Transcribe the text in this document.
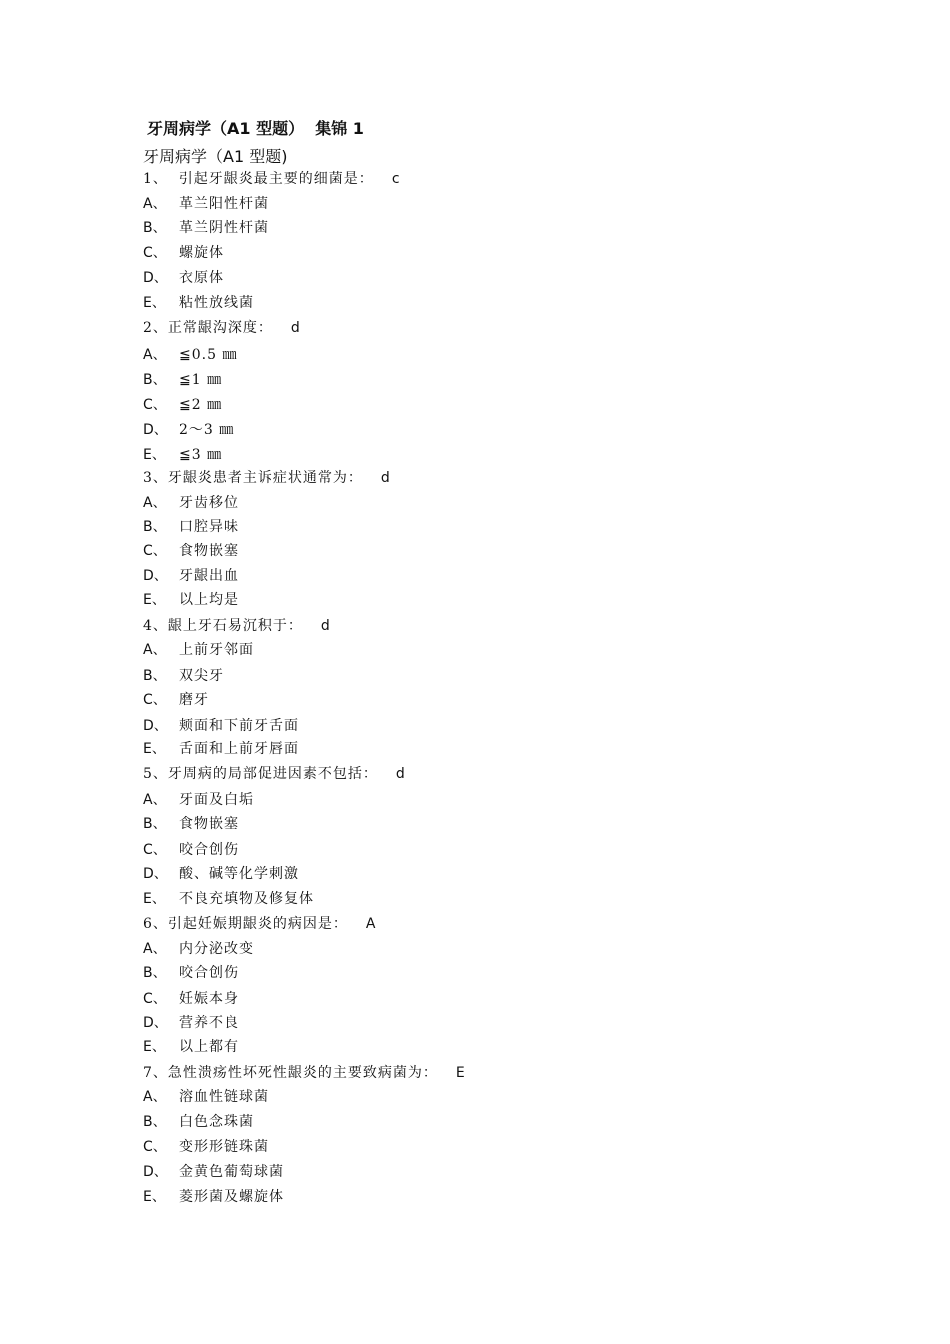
牙周病学（A1 型题）  集锦 1
牙周病学（A1 型题)
1、  引起牙龈炎最主要的细菌是： c
A、 革兰阳性杆菌
B、 革兰阴性杆菌
C、 螺旋体
D、 衣原体
E、 粘性放线菌
2、正常龈沟深度： d
A、 ≦0.5 ㎜
B、 ≦1 ㎜
C、 ≦2 ㎜
D、 2～3 ㎜
E、 ≦3 ㎜
3、牙龈炎患者主诉症状通常为： d
A、 牙齿移位
B、 口腔异味
C、 食物嵌塞
D、 牙龈出血
E、 以上均是
4、龈上牙石易沉积于： d
A、 上前牙邻面
B、 双尖牙
C、 磨牙
D、 颊面和下前牙舌面
E、 舌面和上前牙唇面
5、牙周病的局部促进因素不包括： d
A、 牙面及白垢
B、 食物嵌塞
C、 咬合创伤
D、 酸、碱等化学刺激
E、 不良充填物及修复体
6、引起妊娠期龈炎的病因是： A
A、 内分泌改变
B、 咬合创伤
C、 妊娠本身
D、 营养不良
E、 以上都有
7、急性溃疡性坏死性龈炎的主要致病菌为： E
A、 溶血性链球菌
B、 白色念珠菌
C、 变形形链珠菌
D、 金黄色葡萄球菌
E、 菱形菌及螺旋体
